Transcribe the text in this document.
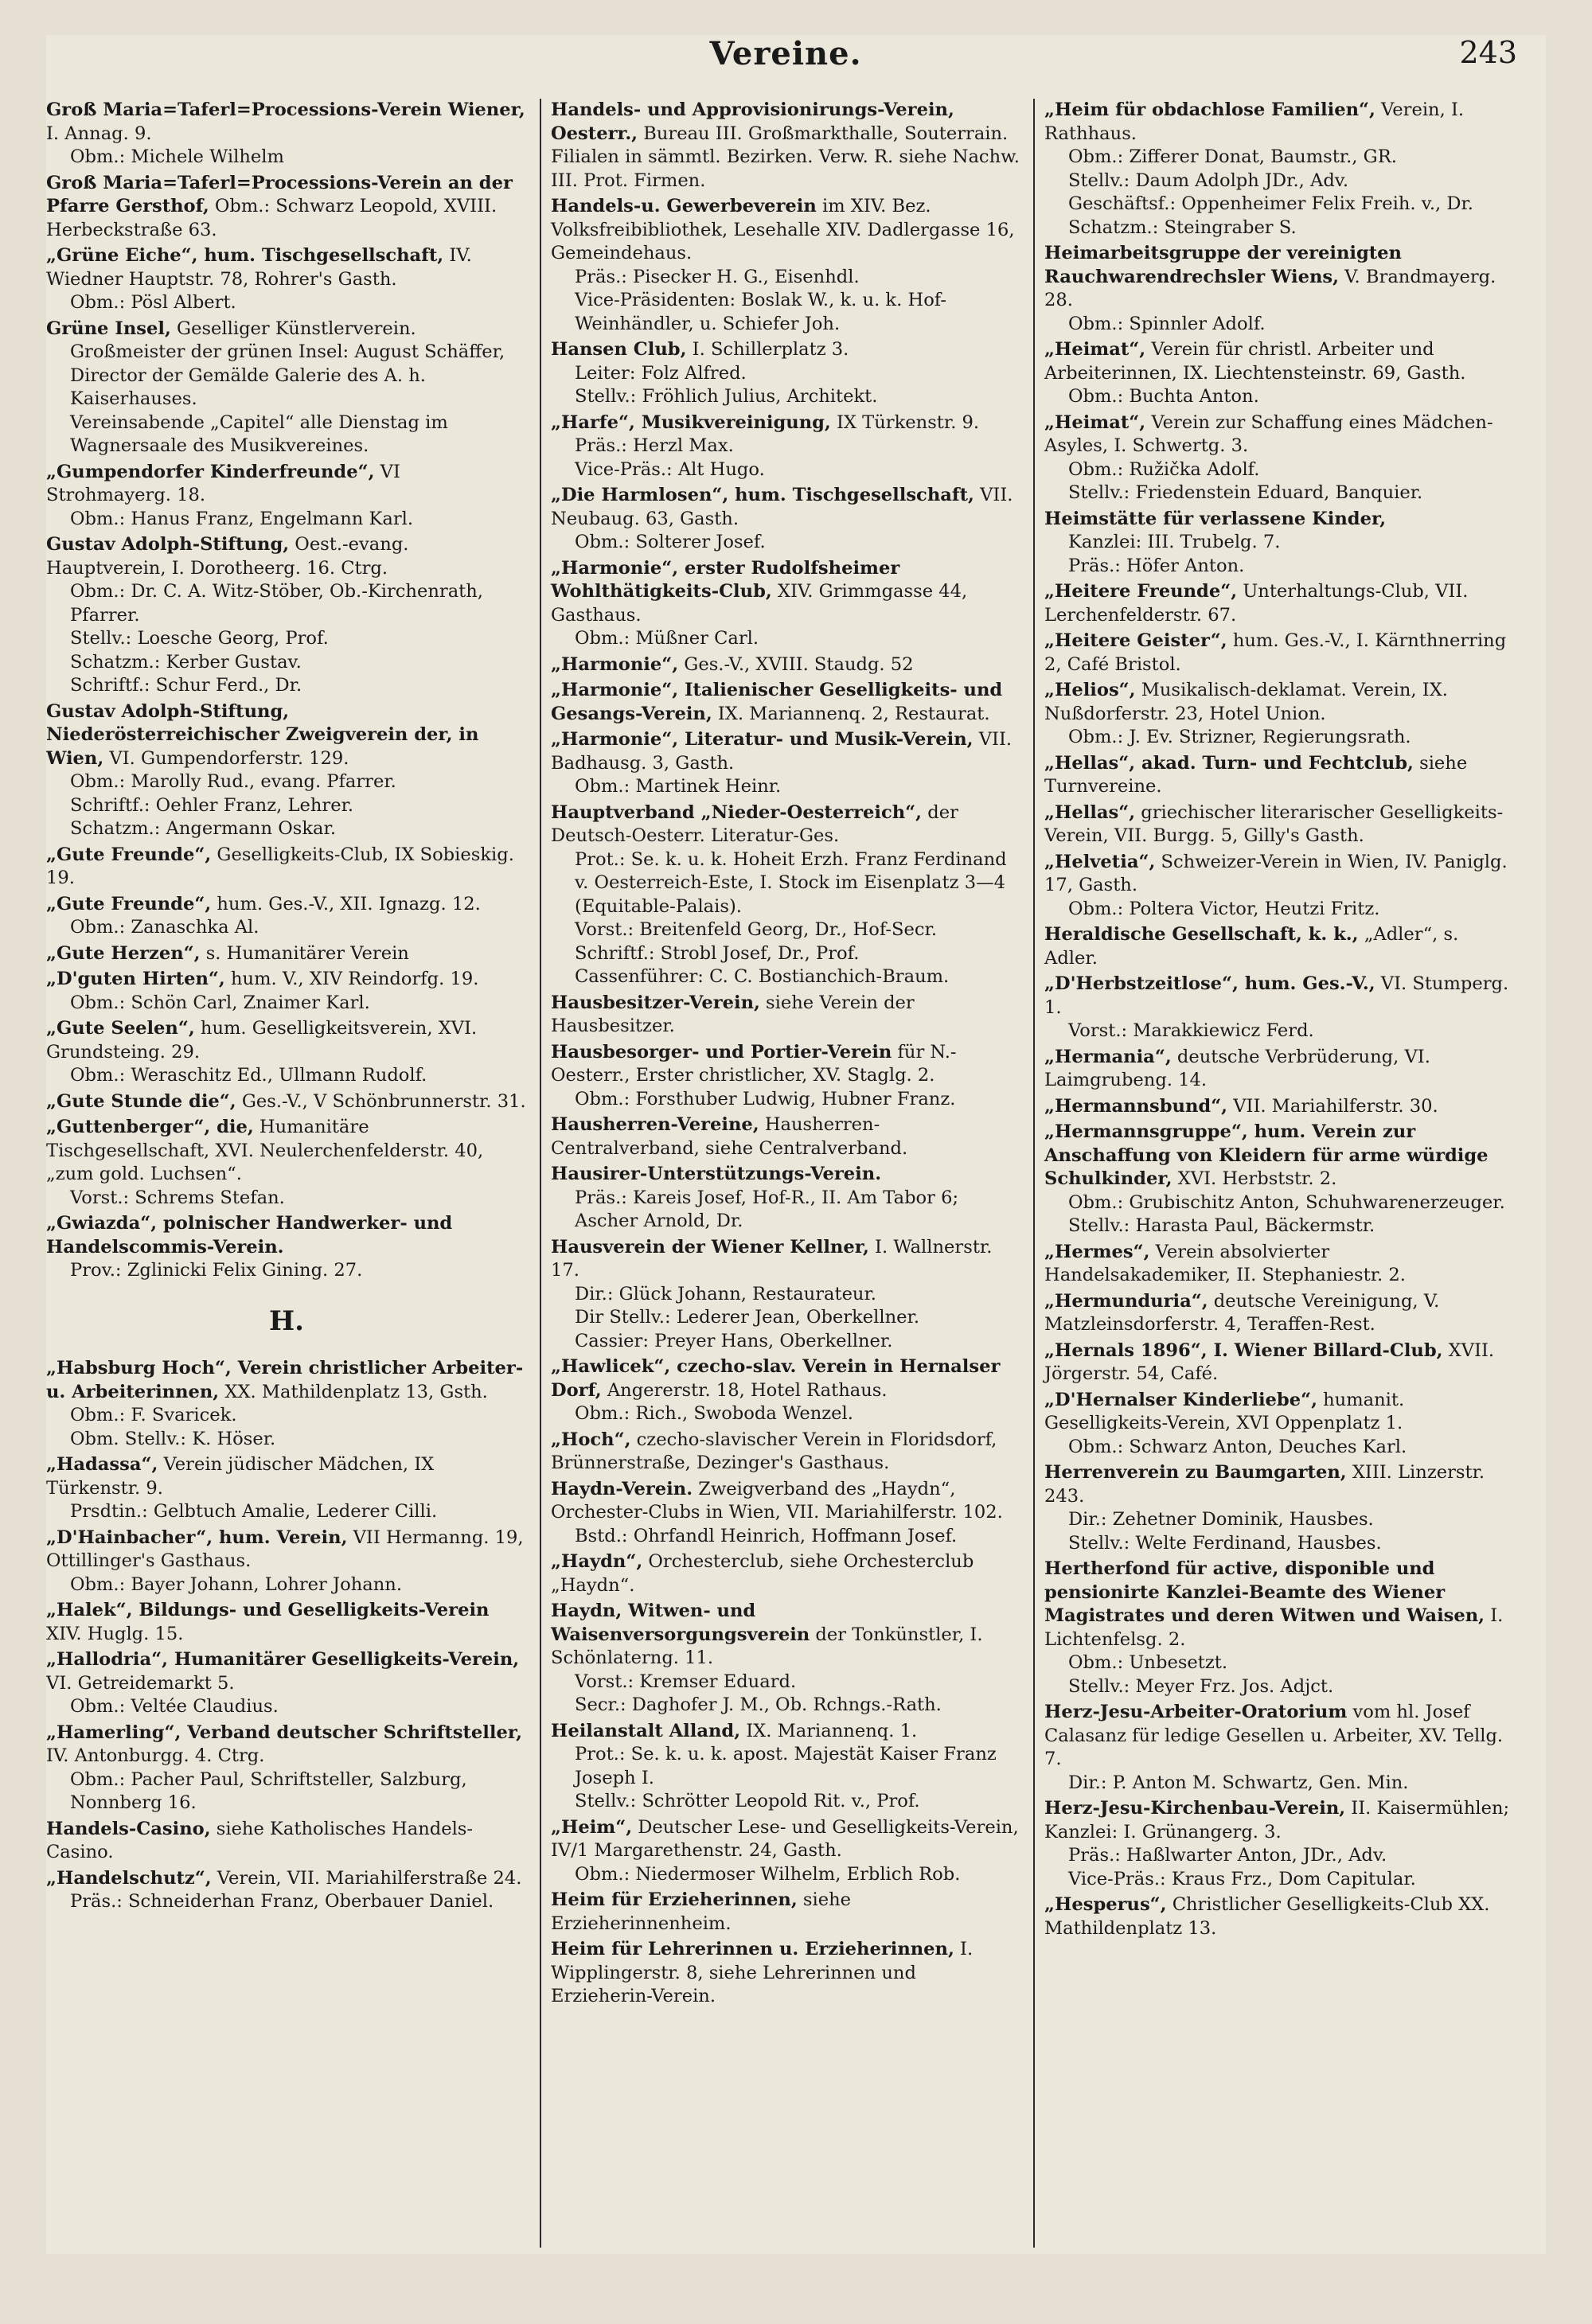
Vereine.	243
Groß Maria=Taferl=Processions-Verein Wiener, I. Annag. 9.
Obm.: Michele Wilhelm
Groß Maria=Taferl=Processions-Verein an der Pfarre Gersthof, Obm.: Schwarz Leopold, XVIII. Herbeckstraße 63.
„Grüne Eiche“, hum. Tischgesellschaft, IV. Wiedner Hauptstr. 78, Rohrer's Gasth.
Obm.: Pösl Albert.
Grüne Insel, Geselliger Künstlerverein.
Großmeister der grünen Insel: August Schäffer, Director der Gemälde Galerie des A. h. Kaiserhauses.
Vereinsabende „Capitel“ alle Dienstag im Wagnersaale des Musikvereines.
„Gumpendorfer Kinderfreunde“, VI Strohmayerg. 18.
Obm.: Hanus Franz, Engelmann Karl.
Gustav Adolph-Stiftung, Oest.-evang. Hauptverein, I. Dorotheerg. 16. Ctrg.
Obm.: Dr. C. A. Witz-Stöber, Ob.-Kirchenrath, Pfarrer.
Stellv.: Loesche Georg, Prof.
Schatzm.: Kerber Gustav.
Schriftf.: Schur Ferd., Dr.
Gustav Adolph-Stiftung, Niederösterreichischer Zweigverein der, in Wien, VI. Gumpendorferstr. 129.
Obm.: Marolly Rud., evang. Pfarrer.
Schriftf.: Oehler Franz, Lehrer.
Schatzm.: Angermann Oskar.
„Gute Freunde“, Geselligkeits-Club, IX Sobieskig. 19.
„Gute Freunde“, hum. Ges.-V., XII. Ignazg. 12.
Obm.: Zanaschka Al.
„Gute Herzen“, s. Humanitärer Verein
„D'guten Hirten“, hum. V., XIV Reindorfg. 19.
Obm.: Schön Carl, Znaimer Karl.
„Gute Seelen“, hum. Geselligkeitsverein, XVI. Grundsteing. 29.
Obm.: Weraschitz Ed., Ullmann Rudolf.
„Gute Stunde die“, Ges.-V., V Schönbrunnerstr. 31.
„Guttenberger“, die, Humanitäre Tischgesellschaft, XVI. Neulerchenfelderstr. 40, „zum gold. Luchsen“.
Vorst.: Schrems Stefan.
„Gwiazda“, polnischer Handwerker- und Handelscommis-Verein.
Prov.: Zglinicki Felix Gining. 27.
H.
„Habsburg Hoch“, Verein christlicher Arbeiter- u. Arbeiterinnen, XX. Mathildenplatz 13, Gsth.
Obm.: F. Svaricek.
Obm. Stellv.: K. Höser.
„Hadassa“, Verein jüdischer Mädchen, IX Türkenstr. 9.
Prsdtin.: Gelbtuch Amalie, Lederer Cilli.
„D'Hainbacher“, hum. Verein, VII Hermanng. 19, Ottillinger's Gasthaus.
Obm.: Bayer Johann, Lohrer Johann.
„Halek“, Bildungs- und Geselligkeits-Verein XIV. Huglg. 15.
„Hallodria“, Humanitärer Geselligkeits-Verein, VI. Getreidemarkt 5.
Obm.: Veltée Claudius.
„Hamerling“, Verband deutscher Schriftsteller, IV. Antonburgg. 4. Ctrg.
Obm.: Pacher Paul, Schriftsteller, Salzburg, Nonnberg 16.
Handels-Casino, siehe Katholisches Handels-Casino.
„Handelschutz“, Verein, VII. Mariahilferstraße 24.
Präs.: Schneiderhan Franz, Oberbauer Daniel.
Handels- und Approvisionirungs-Verein, Oesterr., Bureau III. Großmarkthalle, Souterrain. Filialen in sämmtl. Bezirken. Verw. R. siehe Nachw. III. Prot. Firmen.
Handels-u. Gewerbeverein im XIV. Bez. Volksfreibibliothek, Lesehalle XIV. Dadlergasse 16, Gemeindehaus.
Präs.: Pisecker H. G., Eisenhdl.
Vice-Präsidenten: Boslak W., k. u. k. Hof-Weinhändler, u. Schiefer Joh.
Hansen Club, I. Schillerplatz 3.
Leiter: Folz Alfred.
Stellv.: Fröhlich Julius, Architekt.
„Harfe“, Musikvereinigung, IX Türkenstr. 9.
Präs.: Herzl Max.
Vice-Präs.: Alt Hugo.
„Die Harmlosen“, hum. Tischgesellschaft, VII. Neubaug. 63, Gasth.
Obm.: Solterer Josef.
„Harmonie“, erster Rudolfsheimer Wohlthätigkeits-Club, XIV. Grimmgasse 44, Gasthaus.
Obm.: Müßner Carl.
„Harmonie“, Ges.-V., XVIII. Staudg. 52
„Harmonie“, Italienischer Geselligkeits- und Gesangs-Verein, IX. Mariannenq. 2, Restaurat.
„Harmonie“, Literatur- und Musik-Verein, VII. Badhausg. 3, Gasth.
Obm.: Martinek Heinr.
Hauptverband „Nieder-Oesterreich“, der Deutsch-Oesterr. Literatur-Ges.
Prot.: Se. k. u. k. Hoheit Erzh. Franz Ferdinand v. Oesterreich-Este, I. Stock im Eisenplatz 3—4 (Equitable-Palais).
Vorst.: Breitenfeld Georg, Dr., Hof-Secr.
Schriftf.: Strobl Josef, Dr., Prof.
Cassenführer: C. C. Bostianchich-Braum.
Hausbesitzer-Verein, siehe Verein der Hausbesitzer.
Hausbesorger- und Portier-Verein für N.-Oesterr., Erster christlicher, XV. Staglg. 2.
Obm.: Forsthuber Ludwig, Hubner Franz.
Hausherren-Vereine, Hausherren-Centralverband, siehe Centralverband.
Hausirer-Unterstützungs-Verein.
Präs.: Kareis Josef, Hof-R., II. Am Tabor 6; Ascher Arnold, Dr.
Hausverein der Wiener Kellner, I. Wallnerstr. 17.
Dir.: Glück Johann, Restaurateur.
Dir Stellv.: Lederer Jean, Oberkellner.
Cassier: Preyer Hans, Oberkellner.
„Hawlicek“, czecho-slav. Verein in Hernalser Dorf, Angererstr. 18, Hotel Rathaus.
Obm.: Rich., Swoboda Wenzel.
„Hoch“, czecho-slavischer Verein in Floridsdorf, Brünnerstraße, Dezinger's Gasthaus.
Haydn-Verein. Zweigverband des „Haydn“, Orchester-Clubs in Wien, VII. Mariahilferstr. 102.
Bstd.: Ohrfandl Heinrich, Hoffmann Josef.
„Haydn“, Orchesterclub, siehe Orchesterclub „Haydn“.
Haydn, Witwen- und Waisenversorgungsverein der Tonkünstler, I. Schönlaterng. 11.
Vorst.: Kremser Eduard.
Secr.: Daghofer J. M., Ob. Rchngs.-Rath.
Heilanstalt Alland, IX. Mariannenq. 1.
Prot.: Se. k. u. k. apost. Majestät Kaiser Franz Joseph I.
Stellv.: Schrötter Leopold Rit. v., Prof.
„Heim“, Deutscher Lese- und Geselligkeits-Verein, IV/1 Margarethenstr. 24, Gasth.
Obm.: Niedermoser Wilhelm, Erblich Rob.
Heim für Erzieherinnen, siehe Erzieherinnenheim.
Heim für Lehrerinnen u. Erzieherinnen, I. Wipplingerstr. 8, siehe Lehrerinnen und Erzieherin-Verein.
„Heim für obdachlose Familien“, Verein, I. Rathhaus.
Obm.: Zifferer Donat, Baumstr., GR.
Stellv.: Daum Adolph JDr., Adv.
Geschäftsf.: Oppenheimer Felix Freih. v., Dr.
Schatzm.: Steingraber S.
Heimarbeitsgruppe der vereinigten Rauchwarendrechsler Wiens, V. Brandmayerg. 28.
Obm.: Spinnler Adolf.
„Heimat“, Verein für christl. Arbeiter und Arbeiterinnen, IX. Liechtensteinstr. 69, Gasth.
Obm.: Buchta Anton.
„Heimat“, Verein zur Schaffung eines Mädchen-Asyles, I. Schwertg. 3.
Obm.: Ružička Adolf.
Stellv.: Friedenstein Eduard, Banquier.
Heimstätte für verlassene Kinder,
Kanzlei: III. Trubelg. 7.
Präs.: Höfer Anton.
„Heitere Freunde“, Unterhaltungs-Club, VII. Lerchenfelderstr. 67.
„Heitere Geister“, hum. Ges.-V., I. Kärnthnerring 2, Café Bristol.
„Helios“, Musikalisch-deklamat. Verein, IX. Nußdorferstr. 23, Hotel Union.
Obm.: J. Ev. Strizner, Regierungsrath.
„Hellas“, akad. Turn- und Fechtclub, siehe Turnvereine.
„Hellas“, griechischer literarischer Geselligkeits-Verein, VII. Burgg. 5, Gilly's Gasth.
„Helvetia“, Schweizer-Verein in Wien, IV. Paniglg. 17, Gasth.
Obm.: Poltera Victor, Heutzi Fritz.
Heraldische Gesellschaft, k. k., „Adler“, s. Adler.
„D'Herbstzeitlose“, hum. Ges.-V., VI. Stumperg. 1.
Vorst.: Marakkiewicz Ferd.
„Hermania“, deutsche Verbrüderung, VI. Laimgrubeng. 14.
„Hermannsbund“, VII. Mariahilferstr. 30.
„Hermannsgruppe“, hum. Verein zur Anschaffung von Kleidern für arme würdige Schulkinder, XVI. Herbststr. 2.
Obm.: Grubischitz Anton, Schuhwarenerzeuger.
Stellv.: Harasta Paul, Bäckermstr.
„Hermes“, Verein absolvierter Handelsakademiker, II. Stephaniestr. 2.
„Hermunduria“, deutsche Vereinigung, V. Matzleinsdorferstr. 4, Teraffen-Rest.
„Hernals 1896“, I. Wiener Billard-Club, XVII. Jörgerstr. 54, Café.
„D'Hernalser Kinderliebe“, humanit. Geselligkeits-Verein, XVI Oppenplatz 1.
Obm.: Schwarz Anton, Deuches Karl.
Herrenverein zu Baumgarten, XIII. Linzerstr. 243.
Dir.: Zehetner Dominik, Hausbes.
Stellv.: Welte Ferdinand, Hausbes.
Hertherfond für active, disponible und pensionirte Kanzlei-Beamte des Wiener Magistrates und deren Witwen und Waisen, I. Lichtenfelsg. 2.
Obm.: Unbesetzt.
Stellv.: Meyer Frz. Jos. Adjct.
Herz-Jesu-Arbeiter-Oratorium vom hl. Josef Calasanz für ledige Gesellen u. Arbeiter, XV. Tellg. 7.
Dir.: P. Anton M. Schwartz, Gen. Min.
Herz-Jesu-Kirchenbau-Verein, II. Kaisermühlen; Kanzlei: I. Grünangerg. 3.
Präs.: Haßlwarter Anton, JDr., Adv.
Vice-Präs.: Kraus Frz., Dom Capitular.
„Hesperus“, Christlicher Geselligkeits-Club XX. Mathildenplatz 13.
